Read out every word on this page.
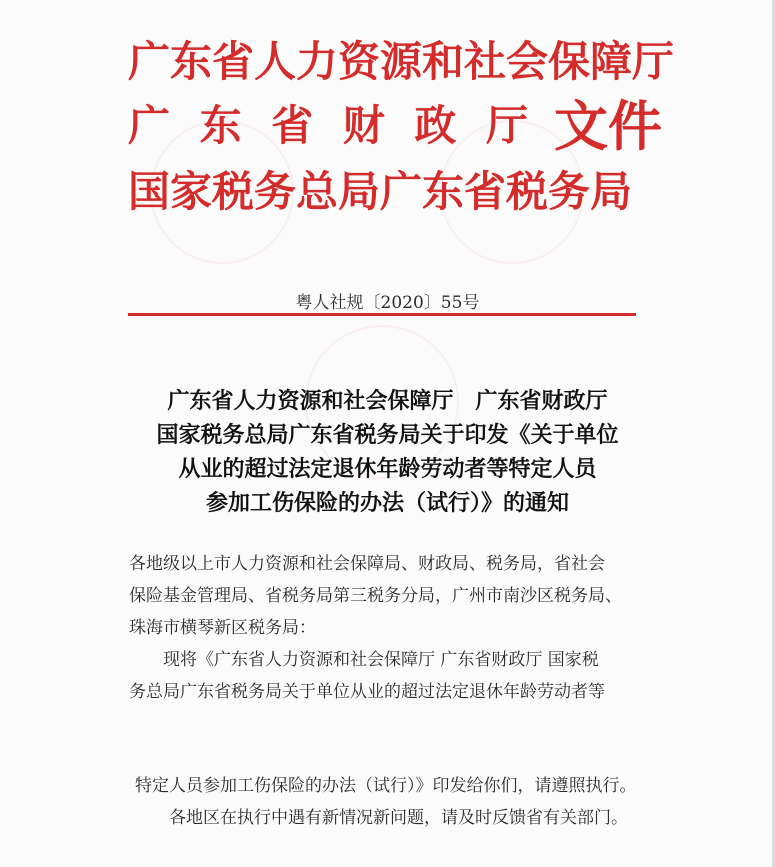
广东省人力资源和社会保障厅
广 东 省 财 政 厅
国家税务总局广东省税务局
文件
粤人社规〔2020〕55号
广东省人力资源和社会保障厅　广东省财政厅
国家税务总局广东省税务局关于印发《关于单位
从业的超过法定退休年龄劳动者等特定人员
参加工伤保险的办法（试行）》的通知

各地级以上市人力资源和社会保障局、财政局、税务局，省社会

保险基金管理局、省税务局第三税务分局，广州市南沙区税务局、

珠海市横琴新区税务局：

现将《广东省人力资源和社会保障厅 广东省财政厅 国家税

务总局广东省税务局关于单位从业的超过法定退休年龄劳动者等

特定人员参加工伤保险的办法（试行）》印发给你们，请遵照执行。

各地区在执行中遇有新情况新问题，请及时反馈省有关部门。
